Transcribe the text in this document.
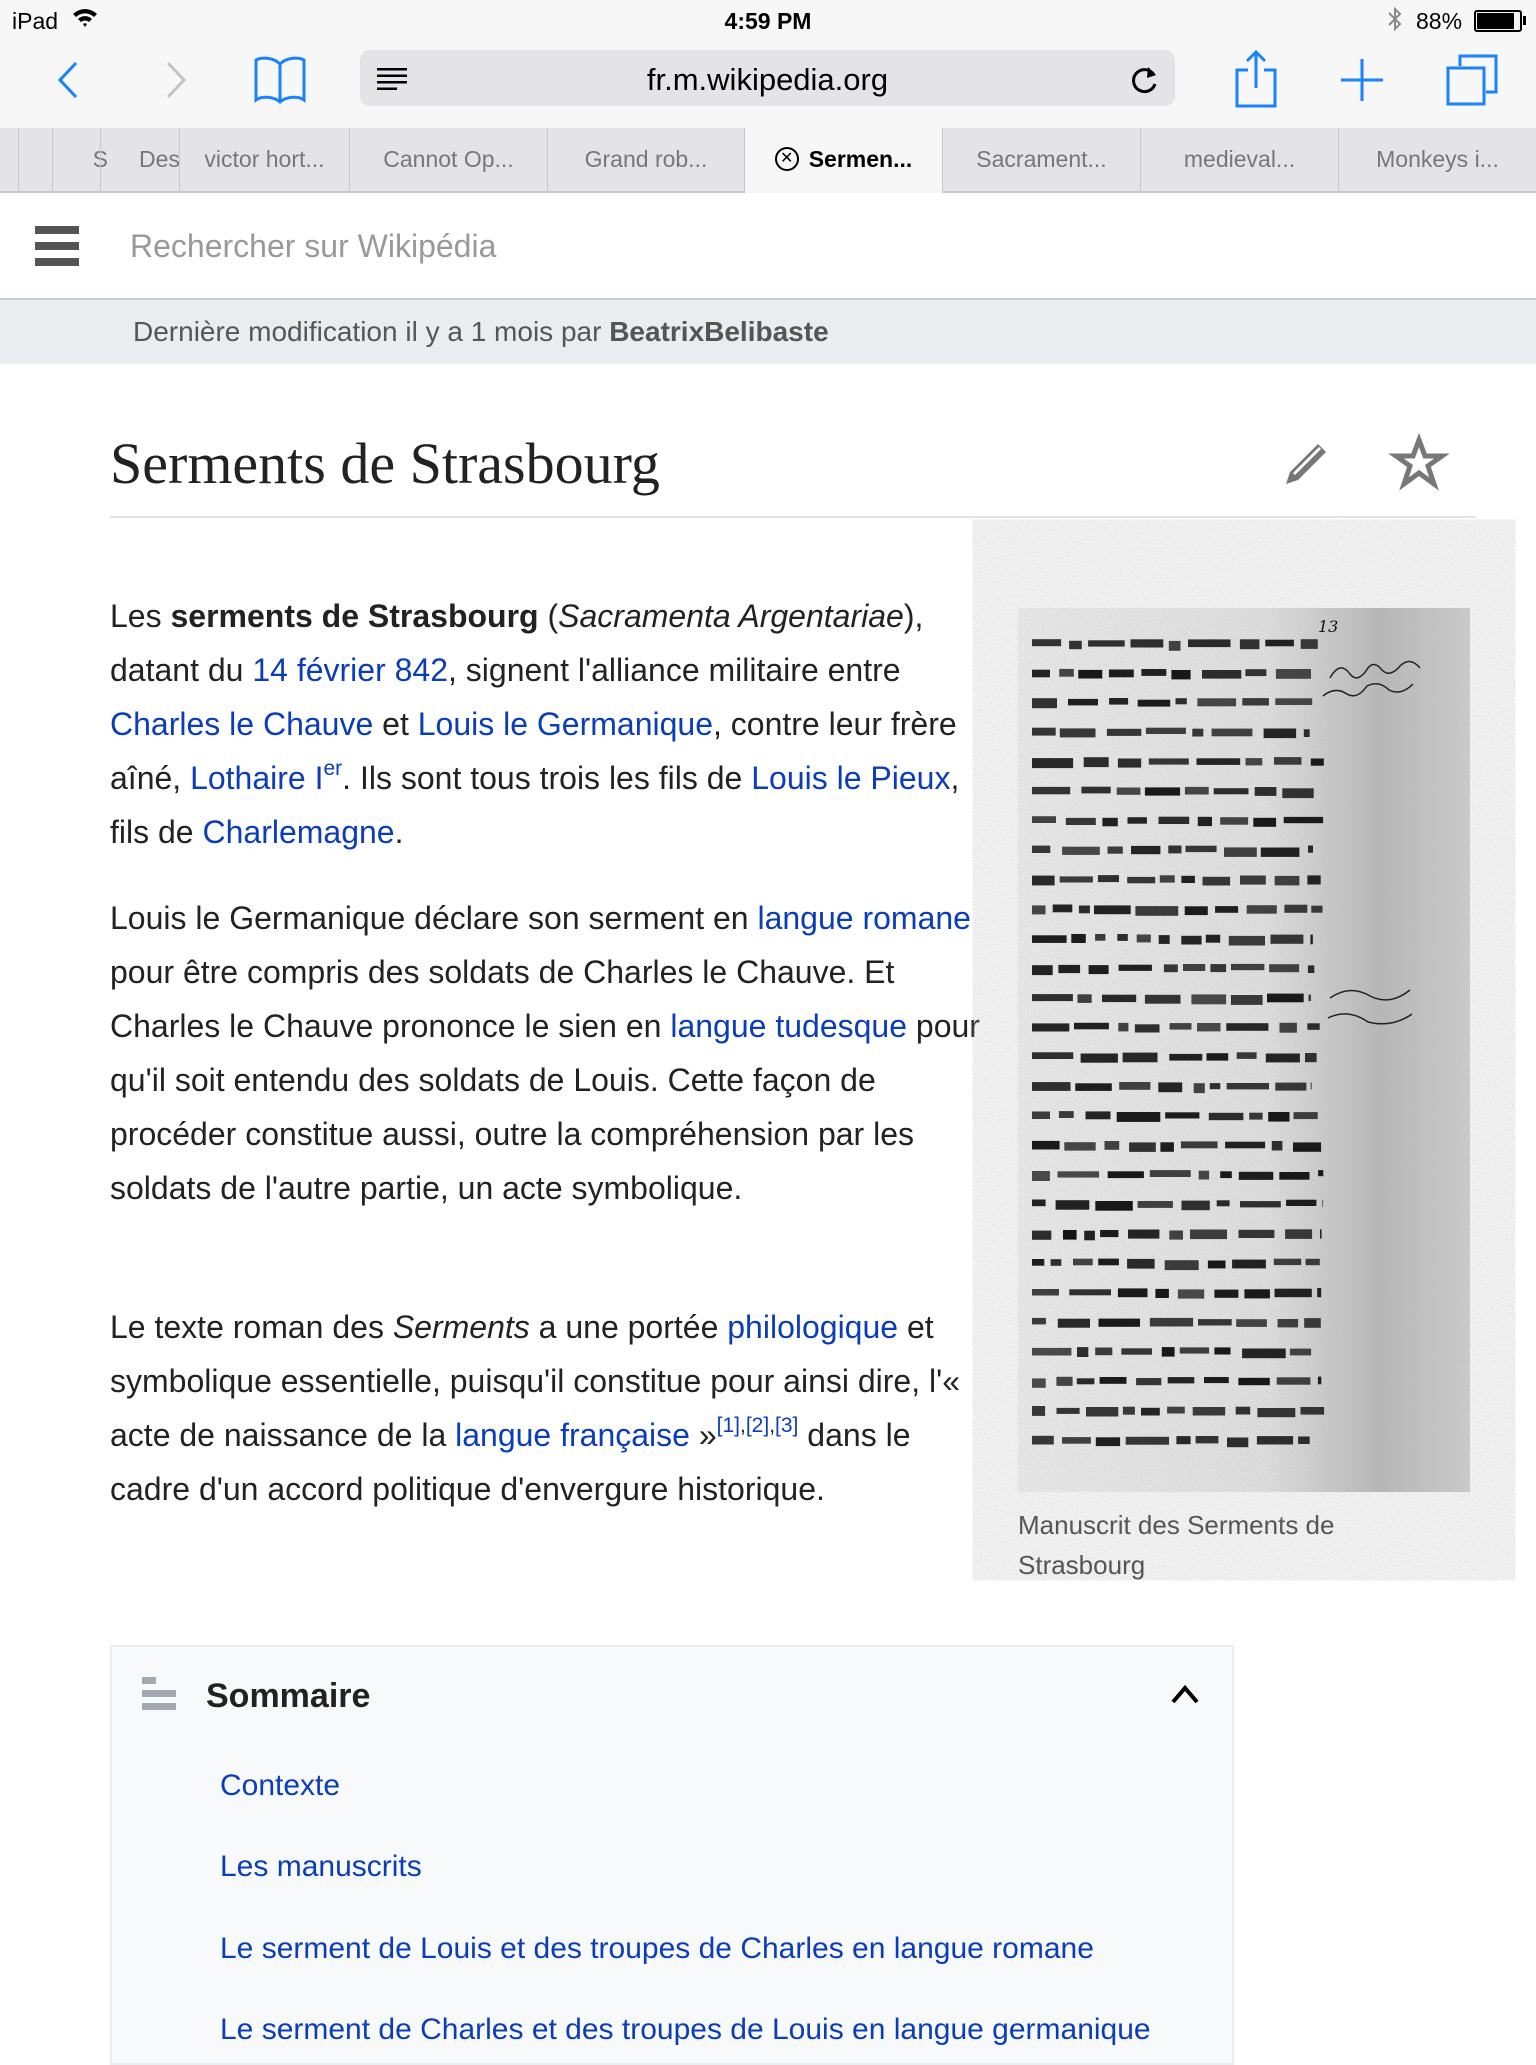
iPad	4:59 PM	88%
fr.m.wikipedia.org
S	Des	victor hort...	Cannot Op...	Grand rob...	✕ Sermen...	Sacrament...	medieval...	Monkeys i...
Rechercher sur Wikipédia
Dernière modification il y a 1 mois par BeatrixBelibaste
Serments de Strasbourg

Les serments de Strasbourg (Sacramenta Argentariae), datant du 14 février 842, signent l'alliance militaire entre Charles le Chauve et Louis le Germanique, contre leur frère aîné, Lothaire Ier. Ils sont tous trois les fils de Louis le Pieux, fils de Charlemagne.

Louis le Germanique déclare son serment en langue romane pour être compris des soldats de Charles le Chauve. Et Charles le Chauve prononce le sien en langue tudesque pour qu'il soit entendu des soldats de Louis. Cette façon de procéder constitue aussi, outre la compréhension par les soldats de l'autre partie, un acte symbolique.

Le texte roman des Serments a une portée philologique et symbolique essentielle, puisqu'il constitue pour ainsi dire, l'« acte de naissance de la langue française »[1],[2],[3] dans le cadre d'un accord politique d'envergure historique.

13

Manuscrit des Serments de Strasbourg

Sommaire
Contexte
Les manuscrits
Le serment de Louis et des troupes de Charles en langue romane
Le serment de Charles et des troupes de Louis en langue germanique
